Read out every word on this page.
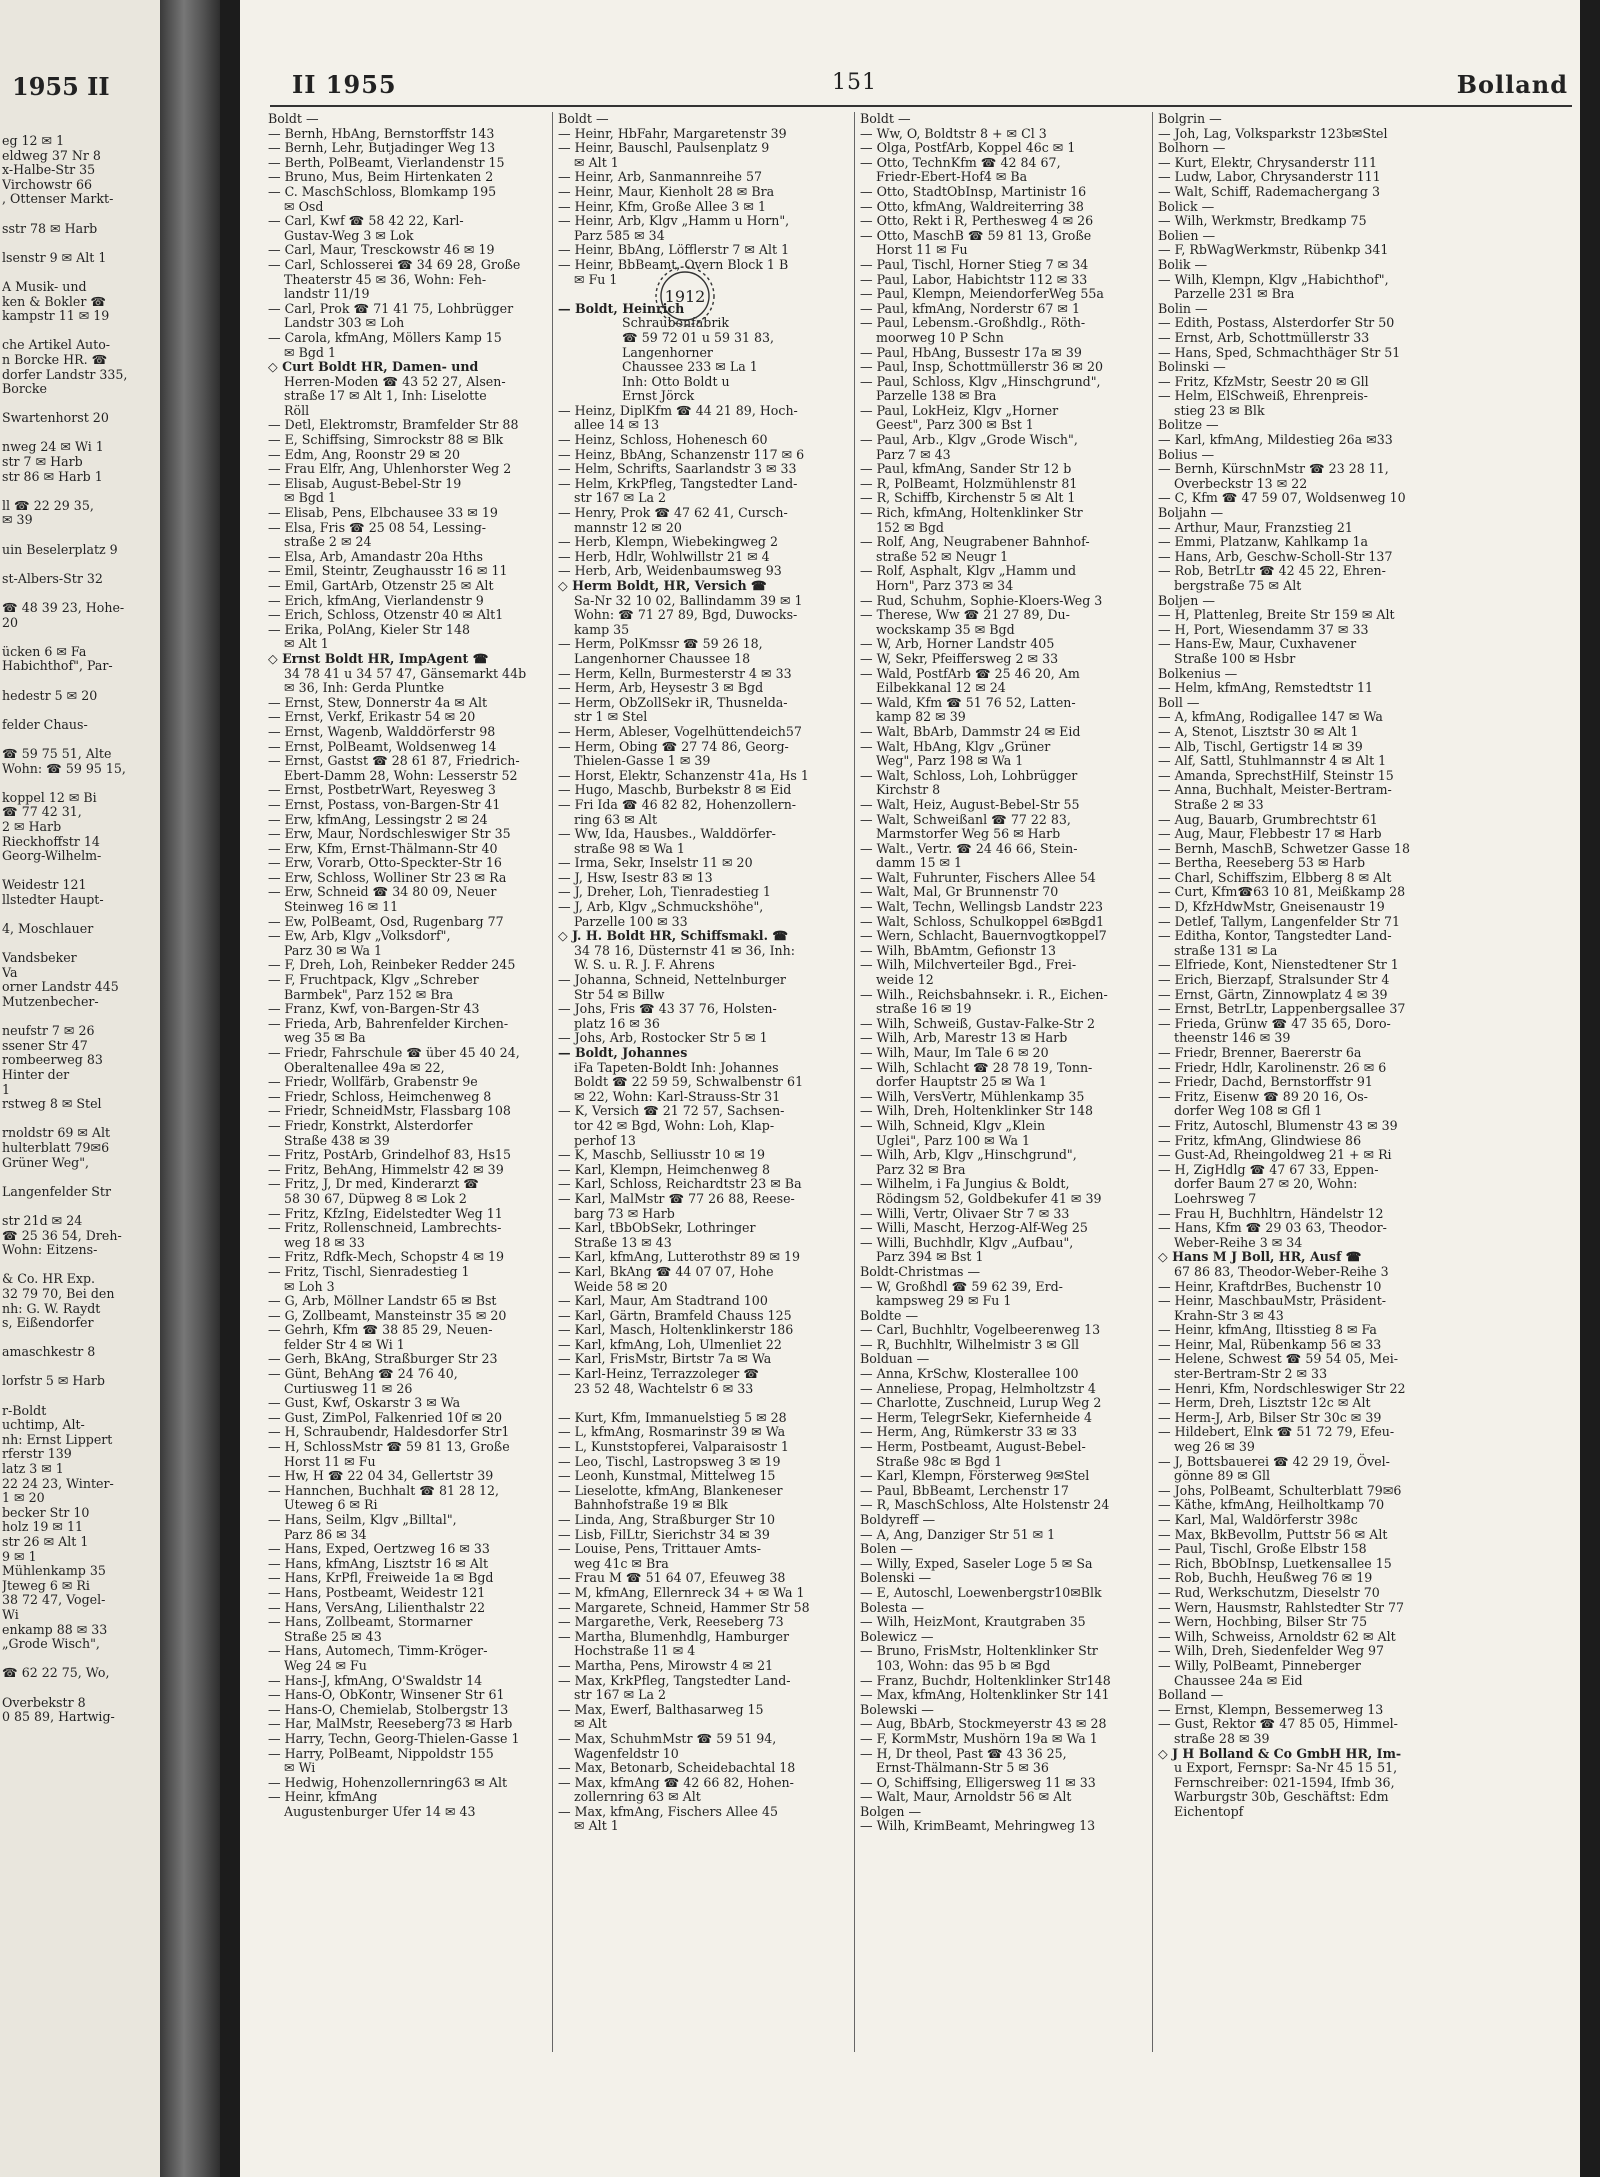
1955 II
eg 12 ✉ 1
eldweg 37 Nr 8
x-Halbe-Str 35
Virchowstr 66
, Ottenser Markt-

sstr 78 ✉ Harb

lsenstr 9 ✉ Alt 1

A Musik- und
ken & Bokler ☎
kampstr 11 ✉ 19

che Artikel Auto-
n Borcke HR. ☎
dorfer Landstr 335,
Borcke

Swartenhorst 20

nweg 24 ✉ Wi 1
str 7 ✉ Harb
str 86 ✉ Harb 1

ll ☎ 22 29 35,
✉ 39

uin Beselerplatz 9

st-Albers-Str 32

☎ 48 39 23, Hohe-
20

ücken 6 ✉ Fa
Habichthof", Par-

hedestr 5 ✉ 20

felder Chaus-

☎ 59 75 51, Alte
Wohn: ☎ 59 95 15,

koppel 12 ✉ Bi
☎ 77 42 31,
2 ✉ Harb
Rieckhoffstr 14
Georg-Wilhelm-

Weidestr 121
llstedter Haupt-

4, Moschlauer

Vandsbeker
Va
orner Landstr 445
Mutzenbecher-

neufstr 7 ✉ 26
ssener Str 47
rombeerweg 83
Hinter der
1
rstweg 8 ✉ Stel

rnoldstr 69 ✉ Alt
hulterblatt 79✉6
Grüner Weg",

Langenfelder Str

str 21d ✉ 24
☎ 25 36 54, Dreh-
Wohn: Eitzens-

& Co. HR Exp.
32 79 70, Bei den
nh: G. W. Raydt
s, Eißendorfer

amaschkestr 8

lorfstr 5 ✉ Harb

r-Boldt
uchtimp, Alt-
nh: Ernst Lippert
rferstr 139
latz 3 ✉ 1
22 24 23, Winter-
1 ✉ 20
becker Str 10
holz 19 ✉ 11
str 26 ✉ Alt 1
9 ✉ 1
Mühlenkamp 35
Jteweg 6 ✉ Ri
38 72 47, Vogel-
Wi
enkamp 88 ✉ 33
„Grode Wisch",

☎ 62 22 75, Wo,

Overbekstr 8
0 85 89, Hartwig-
II 1955	151	Bolland
Boldt —
— Bernh, HbAng, Bernstorffstr 143
— Bernh, Lehr, Butjadinger Weg 13
— Berth, PolBeamt, Vierlandenstr 15
— Bruno, Mus, Beim Hirtenkaten 2
— C. MaschSchloss, Blomkamp 195
✉ Osd
— Carl, Kwf ☎ 58 42 22, Karl-
Gustav-Weg 3 ✉ Lok
— Carl, Maur, Tresckowstr 46 ✉ 19
— Carl, Schlosserei ☎ 34 69 28, Große
Theaterstr 45 ✉ 36, Wohn: Feh-
landstr 11/19
— Carl, Prok ☎ 71 41 75, Lohbrügger
Landstr 303 ✉ Loh
— Carola, kfmAng, Möllers Kamp 15
✉ Bgd 1
◇ Curt Boldt HR, Damen- und
Herren-Moden ☎ 43 52 27, Alsen-
straße 17 ✉ Alt 1, Inh: Liselotte
Röll
— Detl, Elektromstr, Bramfelder Str 88
— E, Schiffsing, Simrockstr 88 ✉ Blk
— Edm, Ang, Roonstr 29 ✉ 20
— Frau Elfr, Ang, Uhlenhorster Weg 2
— Elisab, August-Bebel-Str 19
✉ Bgd 1
— Elisab, Pens, Elbchausee 33 ✉ 19
— Elsa, Fris ☎ 25 08 54, Lessing-
straße 2 ✉ 24
— Elsa, Arb, Amandastr 20a Hths
— Emil, Steintr, Zeughausstr 16 ✉ 11
— Emil, GartArb, Otzenstr 25 ✉ Alt
— Erich, kfmAng, Vierlandenstr 9
— Erich, Schloss, Otzenstr 40 ✉ Alt1
— Erika, PolAng, Kieler Str 148
✉ Alt 1
◇ Ernst Boldt HR, ImpAgent ☎
34 78 41 u 34 57 47, Gänsemarkt 44b
✉ 36, Inh: Gerda Pluntke
— Ernst, Stew, Donnerstr 4a ✉ Alt
— Ernst, Verkf, Erikastr 54 ✉ 20
— Ernst, Wagenb, Walddörferstr 98
— Ernst, PolBeamt, Woldsenweg 14
— Ernst, Gastst ☎ 28 61 87, Friedrich-
Ebert-Damm 28, Wohn: Lesserstr 52
— Ernst, PostbetrWart, Reyesweg 3
— Ernst, Postass, von-Bargen-Str 41
— Erw, kfmAng, Lessingstr 2 ✉ 24
— Erw, Maur, Nordschleswiger Str 35
— Erw, Kfm, Ernst-Thälmann-Str 40
— Erw, Vorarb, Otto-Speckter-Str 16
— Erw, Schloss, Wolliner Str 23 ✉ Ra
— Erw, Schneid ☎ 34 80 09, Neuer
Steinweg 16 ✉ 11
— Ew, PolBeamt, Osd, Rugenbarg 77
— Ew, Arb, Klgv „Volksdorf",
Parz 30 ✉ Wa 1
— F, Dreh, Loh, Reinbeker Redder 245
— F, Fruchtpack, Klgv „Schreber
Barmbek", Parz 152 ✉ Bra
— Franz, Kwf, von-Bargen-Str 43
— Frieda, Arb, Bahrenfelder Kirchen-
weg 35 ✉ Ba
— Friedr, Fahrschule ☎ über 45 40 24,
Oberaltenallee 49a ✉ 22,
— Friedr, Wollfärb, Grabenstr 9e
— Friedr, Schloss, Heimchenweg 8
— Friedr, SchneidMstr, Flassbarg 108
— Friedr, Konstrkt, Alsterdorfer
Straße 438 ✉ 39
— Fritz, PostArb, Grindelhof 83, Hs15
— Fritz, BehAng, Himmelstr 42 ✉ 39
— Fritz, J, Dr med, Kinderarzt ☎
58 30 67, Düpweg 8 ✉ Lok 2
— Fritz, KfzIng, Eidelstedter Weg 11
— Fritz, Rollenschneid, Lambrechts-
weg 18 ✉ 33
— Fritz, Rdfk-Mech, Schopstr 4 ✉ 19
— Fritz, Tischl, Sienradestieg 1
✉ Loh 3
— G, Arb, Möllner Landstr 65 ✉ Bst
— G, Zollbeamt, Mansteinstr 35 ✉ 20
— Gehrh, Kfm ☎ 38 85 29, Neuen-
felder Str 4 ✉ Wi 1
— Gerh, BkAng, Straßburger Str 23
— Günt, BehAng ☎ 24 76 40,
Curtiusweg 11 ✉ 26
— Gust, Kwf, Oskarstr 3 ✉ Wa
— Gust, ZimPol, Falkenried 10f ✉ 20
— H, Schraubendr, Haldesdorfer Str1
— H, SchlossMstr ☎ 59 81 13, Große
Horst 11 ✉ Fu
— Hw, H ☎ 22 04 34, Gellertstr 39
— Hannchen, Buchhalt ☎ 81 28 12,
Uteweg 6 ✉ Ri
— Hans, Seilm, Klgv „Billtal",
Parz 86 ✉ 34
— Hans, Exped, Oertzweg 16 ✉ 33
— Hans, kfmAng, Lisztstr 16 ✉ Alt
— Hans, KrPfl, Freiweide 1a ✉ Bgd
— Hans, Postbeamt, Weidestr 121
— Hans, VersAng, Lilienthalstr 22
— Hans, Zollbeamt, Stormarner
Straße 25 ✉ 43
— Hans, Automech, Timm-Kröger-
Weg 24 ✉ Fu
— Hans-J, kfmAng, O'Swaldstr 14
— Hans-O, ObKontr, Winsener Str 61
— Hans-O, Chemielab, Stolbergstr 13
— Har, MalMstr, Reeseberg73 ✉ Harb
— Harry, Techn, Georg-Thielen-Gasse 1
— Harry, PolBeamt, Nippoldstr 155
✉ Wi
— Hedwig, Hohenzollernring63 ✉ Alt
— Heinr, kfmAng
Augustenburger Ufer 14 ✉ 43
Boldt —
— Heinr, HbFahr, Margaretenstr 39
— Heinr, Bauschl, Paulsenplatz 9
✉ Alt 1
— Heinr, Arb, Sanmannreihe 57
— Heinr, Maur, Kienholt 28 ✉ Bra
— Heinr, Kfm, Große Allee 3 ✉ 1
— Heinr, Arb, Klgv „Hamm u Horn",
Parz 585 ✉ 34
— Heinr, BbAng, Löfflerstr 7 ✉ Alt 1
— Heinr, BbBeamt, Overn Block 1 B
✉ Fu 1

— Boldt, Heinrich
Schraubenfabrik
☎ 59 72 01 u 59 31 83,
Langenhorner
Chaussee 233 ✉ La 1
Inh: Otto Boldt u
Ernst Jörck
— Heinz, DiplKfm ☎ 44 21 89, Hoch-
allee 14 ✉ 13
— Heinz, Schloss, Hohenesch 60
— Heinz, BbAng, Schanzenstr 117 ✉ 6
— Helm, Schrifts, Saarlandstr 3 ✉ 33
— Helm, KrkPfleg, Tangstedter Land-
str 167 ✉ La 2
— Henry, Prok ☎ 47 62 41, Cursch-
mannstr 12 ✉ 20
— Herb, Klempn, Wiebekingweg 2
— Herb, Hdlr, Wohlwillstr 21 ✉ 4
— Herb, Arb, Weidenbaumsweg 93
◇ Herm Boldt, HR, Versich ☎
Sa-Nr 32 10 02, Ballindamm 39 ✉ 1
Wohn: ☎ 71 27 89, Bgd, Duwocks-
kamp 35
— Herm, PolKmssr ☎ 59 26 18,
Langenhorner Chaussee 18
— Herm, Kelln, Burmesterstr 4 ✉ 33
— Herm, Arb, Heysestr 3 ✉ Bgd
— Herm, ObZollSekr iR, Thusnelda-
str 1 ✉ Stel
— Herm, Ableser, Vogelhüttendeich57
— Herm, Obing ☎ 27 74 86, Georg-
Thielen-Gasse 1 ✉ 39
— Horst, Elektr, Schanzenstr 41a, Hs 1
— Hugo, Maschb, Burbekstr 8 ✉ Eid
— Fri Ida ☎ 46 82 82, Hohenzollern-
ring 63 ✉ Alt
— Ww, Ida, Hausbes., Walddörfer-
straße 98 ✉ Wa 1
— Irma, Sekr, Inselstr 11 ✉ 20
— J, Hsw, Isestr 83 ✉ 13
— J, Dreher, Loh, Tienradestieg 1
— J, Arb, Klgv „Schmuckshöhe",
Parzelle 100 ✉ 33
◇ J. H. Boldt HR, Schiffsmakl. ☎
34 78 16, Düsternstr 41 ✉ 36, Inh:
W. S. u. R. J. F. Ahrens
— Johanna, Schneid, Nettelnburger
Str 54 ✉ Billw
— Johs, Fris ☎ 43 37 76, Holsten-
platz 16 ✉ 36
— Johs, Arb, Rostocker Str 5 ✉ 1
— Boldt, Johannes
iFa Tapeten-Boldt Inh: Johannes
Boldt ☎ 22 59 59, Schwalbenstr 61
✉ 22, Wohn: Karl-Strauss-Str 31
— K, Versich ☎ 21 72 57, Sachsen-
tor 42 ✉ Bgd, Wohn: Loh, Klap-
perhof 13
— K, Maschb, Selliusstr 10 ✉ 19
— Karl, Klempn, Heimchenweg 8
— Karl, Schloss, Reichardtstr 23 ✉ Ba
— Karl, MalMstr ☎ 77 26 88, Reese-
barg 73 ✉ Harb
— Karl, tBbObSekr, Lothringer
Straße 13 ✉ 43
— Karl, kfmAng, Lutterothstr 89 ✉ 19
— Karl, BkAng ☎ 44 07 07, Hohe
Weide 58 ✉ 20
— Karl, Maur, Am Stadtrand 100
— Karl, Gärtn, Bramfeld Chauss 125
— Karl, Masch, Holtenklinkerstr 186
— Karl, kfmAng, Loh, Ulmenliet 22
— Karl, FrisMstr, Birtstr 7a ✉ Wa
— Karl-Heinz, Terrazzoleger ☎
23 52 48, Wachtelstr 6 ✉ 33

— Kurt, Kfm, Immanuelstieg 5 ✉ 28
— L, kfmAng, Rosmarinstr 39 ✉ Wa
— L, Kunststopferei, Valparaisostr 1
— Leo, Tischl, Lastropsweg 3 ✉ 19
— Leonh, Kunstmal, Mittelweg 15
— Lieselotte, kfmAng, Blankeneser
Bahnhofstraße 19 ✉ Blk
— Linda, Ang, Straßburger Str 10
— Lisb, FilLtr, Sierichstr 34 ✉ 39
— Louise, Pens, Trittauer Amts-
weg 41c ✉ Bra
— Frau M ☎ 51 64 07, Efeuweg 38
— M, kfmAng, Ellernreck 34 + ✉ Wa 1
— Margarete, Schneid, Hammer Str 58
— Margarethe, Verk, Reeseberg 73
— Martha, Blumenhdlg, Hamburger
Hochstraße 11 ✉ 4
— Martha, Pens, Mirowstr 4 ✉ 21
— Max, KrkPfleg, Tangstedter Land-
str 167 ✉ La 2
— Max, Ewerf, Balthasarweg 15
✉ Alt
— Max, SchuhmMstr ☎ 59 51 94,
Wagenfeldstr 10
— Max, Betonarb, Scheidebachtal 18
— Max, kfmAng ☎ 42 66 82, Hohen-
zollernring 63 ✉ Alt
— Max, kfmAng, Fischers Allee 45
✉ Alt 1
Boldt —
— Ww, O, Boldtstr 8 + ✉ Cl 3
— Olga, PostfArb, Koppel 46c ✉ 1
— Otto, TechnKfm ☎ 42 84 67,
Friedr-Ebert-Hof4 ✉ Ba
— Otto, StadtObInsp, Martinistr 16
— Otto, kfmAng, Waldreiterring 38
— Otto, Rekt i R, Perthesweg 4 ✉ 26
— Otto, MaschB ☎ 59 81 13, Große
Horst 11 ✉ Fu
— Paul, Tischl, Horner Stieg 7 ✉ 34
— Paul, Labor, Habichtstr 112 ✉ 33
— Paul, Klempn, MeiendorferWeg 55a
— Paul, kfmAng, Norderstr 67 ✉ 1
— Paul, Lebensm.-Großhdlg., Röth-
moorweg 10 P Schn
— Paul, HbAng, Bussestr 17a ✉ 39
— Paul, Insp, Schottmüllerstr 36 ✉ 20
— Paul, Schloss, Klgv „Hinschgrund",
Parzelle 138 ✉ Bra
— Paul, LokHeiz, Klgv „Horner
Geest", Parz 300 ✉ Bst 1
— Paul, Arb., Klgv „Grode Wisch",
Parz 7 ✉ 43
— Paul, kfmAng, Sander Str 12 b
— R, PolBeamt, Holzmühlenstr 81
— R, Schiffb, Kirchenstr 5 ✉ Alt 1
— Rich, kfmAng, Holtenklinker Str
152 ✉ Bgd
— Rolf, Ang, Neugrabener Bahnhof-
straße 52 ✉ Neugr 1
— Rolf, Asphalt, Klgv „Hamm und
Horn", Parz 373 ✉ 34
— Rud, Schuhm, Sophie-Kloers-Weg 3
— Therese, Ww ☎ 21 27 89, Du-
wockskamp 35 ✉ Bgd
— W, Arb, Horner Landstr 405
— W, Sekr, Pfeiffersweg 2 ✉ 33
— Wald, PostfArb ☎ 25 46 20, Am
Eilbekkanal 12 ✉ 24
— Wald, Kfm ☎ 51 76 52, Latten-
kamp 82 ✉ 39
— Walt, BbArb, Dammstr 24 ✉ Eid
— Walt, HbAng, Klgv „Grüner
Weg", Parz 198 ✉ Wa 1
— Walt, Schloss, Loh, Lohbrügger
Kirchstr 8
— Walt, Heiz, August-Bebel-Str 55
— Walt, Schweißanl ☎ 77 22 83,
Marmstorfer Weg 56 ✉ Harb
— Walt., Vertr. ☎ 24 46 66, Stein-
damm 15 ✉ 1
— Walt, Fuhrunter, Fischers Allee 54
— Walt, Mal, Gr Brunnenstr 70
— Walt, Techn, Wellingsb Landstr 223
— Walt, Schloss, Schulkoppel 6✉Bgd1
— Wern, Schlacht, Bauernvogtkoppel7
— Wilh, BbAmtm, Gefionstr 13
— Wilh, Milchverteiler Bgd., Frei-
weide 12
— Wilh., Reichsbahnsekr. i. R., Eichen-
straße 16 ✉ 19
— Wilh, Schweiß, Gustav-Falke-Str 2
— Wilh, Arb, Marestr 13 ✉ Harb
— Wilh, Maur, Im Tale 6 ✉ 20
— Wilh, Schlacht ☎ 28 78 19, Tonn-
dorfer Hauptstr 25 ✉ Wa 1
— Wilh, VersVertr, Mühlenkamp 35
— Wilh, Dreh, Holtenklinker Str 148
— Wilh, Schneid, Klgv „Klein
Uglei", Parz 100 ✉ Wa 1
— Wilh, Arb, Klgv „Hinschgrund",
Parz 32 ✉ Bra
— Wilhelm, i Fa Jungius & Boldt,
Rödingsm 52, Goldbekufer 41 ✉ 39
— Willi, Vertr, Olivaer Str 7 ✉ 33
— Willi, Mascht, Herzog-Alf-Weg 25
— Willi, Buchhdlr, Klgv „Aufbau",
Parz 394 ✉ Bst 1
Boldt-Christmas —
— W, Großhdl ☎ 59 62 39, Erd-
kampsweg 29 ✉ Fu 1
Boldte —
— Carl, Buchhltr, Vogelbeerenweg 13
— R, Buchhltr, Wilhelmistr 3 ✉ Gll
Bolduan —
— Anna, KrSchw, Klosterallee 100
— Anneliese, Propag, Helmholtzstr 4
— Charlotte, Zuschneid, Lurup Weg 2
— Herm, TelegrSekr, Kiefernheide 4
— Herm, Ang, Rümkerstr 33 ✉ 33
— Herm, Postbeamt, August-Bebel-
Straße 98c ✉ Bgd 1
— Karl, Klempn, Försterweg 9✉Stel
— Paul, BbBeamt, Lerchenstr 17
— R, MaschSchloss, Alte Holstenstr 24
Boldyreff —
— A, Ang, Danziger Str 51 ✉ 1
Bolen —
— Willy, Exped, Saseler Loge 5 ✉ Sa
Bolenski —
— E, Autoschl, Loewenbergstr10✉Blk
Bolesta —
— Wilh, HeizMont, Krautgraben 35
Bolewicz —
— Bruno, FrisMstr, Holtenklinker Str
103, Wohn: das 95 b ✉ Bgd
— Franz, Buchdr, Holtenklinker Str148
— Max, kfmAng, Holtenklinker Str 141
Bolewski —
— Aug, BbArb, Stockmeyerstr 43 ✉ 28
— F, KormMstr, Mushörn 19a ✉ Wa 1
— H, Dr theol, Past ☎ 43 36 25,
Ernst-Thälmann-Str 5 ✉ 36
— O, Schiffsing, Elligersweg 11 ✉ 33
— Walt, Maur, Arnoldstr 56 ✉ Alt
Bolgen —
— Wilh, KrimBeamt, Mehringweg 13
Bolgrin —
— Joh, Lag, Volksparkstr 123b✉Stel
Bolhorn —
— Kurt, Elektr, Chrysanderstr 111
— Ludw, Labor, Chrysanderstr 111
— Walt, Schiff, Rademachergang 3
Bolick —
— Wilh, Werkmstr, Bredkamp 75
Bolien —
— F, RbWagWerkmstr, Rübenkp 341
Bolik —
— Wilh, Klempn, Klgv „Habichthof",
Parzelle 231 ✉ Bra
Bolin —
— Edith, Postass, Alsterdorfer Str 50
— Ernst, Arb, Schottmüllerstr 33
— Hans, Sped, Schmachthäger Str 51
Bolinski —
— Fritz, KfzMstr, Seestr 20 ✉ Gll
— Helm, ElSchweiß, Ehrenpreis-
stieg 23 ✉ Blk
Bolitze —
— Karl, kfmAng, Mildestieg 26a ✉33
Bolius —
— Bernh, KürschnMstr ☎ 23 28 11,
Overbeckstr 13 ✉ 22
— C, Kfm ☎ 47 59 07, Woldsenweg 10
Boljahn —
— Arthur, Maur, Franzstieg 21
— Emmi, Platzanw, Kahlkamp 1a
— Hans, Arb, Geschw-Scholl-Str 137
— Rob, BetrLtr ☎ 42 45 22, Ehren-
bergstraße 75 ✉ Alt
Boljen —
— H, Plattenleg, Breite Str 159 ✉ Alt
— H, Port, Wiesendamm 37 ✉ 33
— Hans-Ew, Maur, Cuxhavener
Straße 100 ✉ Hsbr
Bolkenius —
— Helm, kfmAng, Remstedtstr 11
Boll —
— A, kfmAng, Rodigallee 147 ✉ Wa
— A, Stenot, Lisztstr 30 ✉ Alt 1
— Alb, Tischl, Gertigstr 14 ✉ 39
— Alf, Sattl, Stuhlmannstr 4 ✉ Alt 1
— Amanda, SprechstHilf, Steinstr 15
— Anna, Buchhalt, Meister-Bertram-
Straße 2 ✉ 33
— Aug, Bauarb, Grumbrechtstr 61
— Aug, Maur, Flebbestr 17 ✉ Harb
— Bernh, MaschB, Schwetzer Gasse 18
— Bertha, Reeseberg 53 ✉ Harb
— Charl, Schiffszim, Elbberg 8 ✉ Alt
— Curt, Kfm☎63 10 81, Meißkamp 28
— D, KfzHdwMstr, Gneisenaustr 19
— Detlef, Tallym, Langenfelder Str 71
— Editha, Kontor, Tangstedter Land-
straße 131 ✉ La
— Elfriede, Kont, Nienstedtener Str 1
— Erich, Bierzapf, Stralsunder Str 4
— Ernst, Gärtn, Zinnowplatz 4 ✉ 39
— Ernst, BetrLtr, Lappenbergsallee 37
— Frieda, Grünw ☎ 47 35 65, Doro-
theenstr 146 ✉ 39
— Friedr, Brenner, Baererstr 6a
— Friedr, Hdlr, Karolinenstr. 26 ✉ 6
— Friedr, Dachd, Bernstorffstr 91
— Fritz, Eisenw ☎ 89 20 16, Os-
dorfer Weg 108 ✉ Gfl 1
— Fritz, Autoschl, Blumenstr 43 ✉ 39
— Fritz, kfmAng, Glindwiese 86
— Gust-Ad, Rheingoldweg 21 + ✉ Ri
— H, ZigHdlg ☎ 47 67 33, Eppen-
dorfer Baum 27 ✉ 20, Wohn:
Loehrsweg 7
— Frau H, Buchhltrn, Händelstr 12
— Hans, Kfm ☎ 29 03 63, Theodor-
Weber-Reihe 3 ✉ 34
◇ Hans M J Boll, HR, Ausf ☎
67 86 83, Theodor-Weber-Reihe 3
— Heinr, KraftdrBes, Buchenstr 10
— Heinr, MaschbauMstr, Präsident-
Krahn-Str 3 ✉ 43
— Heinr, kfmAng, Iltisstieg 8 ✉ Fa
— Heinr, Mal, Rübenkamp 56 ✉ 33
— Helene, Schwest ☎ 59 54 05, Mei-
ster-Bertram-Str 2 ✉ 33
— Henri, Kfm, Nordschleswiger Str 22
— Herm, Dreh, Lisztstr 12c ✉ Alt
— Herm-J, Arb, Bilser Str 30c ✉ 39
— Hildebert, Elnk ☎ 51 72 79, Efeu-
weg 26 ✉ 39
— J, Bottsbauerei ☎ 42 29 19, Övel-
gönne 89 ✉ Gll
— Johs, PolBeamt, Schulterblatt 79✉6
— Käthe, kfmAng, Heilholtkamp 70
— Karl, Mal, Waldörferstr 398c
— Max, BkBevollm, Puttstr 56 ✉ Alt
— Paul, Tischl, Große Elbstr 158
— Rich, BbObInsp, Luetkensallee 15
— Rob, Buchh, Heußweg 76 ✉ 19
— Rud, Werkschutzm, Dieselstr 70
— Wern, Hausmstr, Rahlstedter Str 77
— Wern, Hochbing, Bilser Str 75
— Wilh, Schweiss, Arnoldstr 62 ✉ Alt
— Wilh, Dreh, Siedenfelder Weg 97
— Willy, PolBeamt, Pinneberger
Chaussee 24a ✉ Eid
Bolland —
— Ernst, Klempn, Bessemerweg 13
— Gust, Rektor ☎ 47 85 05, Himmel-
straße 28 ✉ 39
◇ J H Bolland & Co GmbH HR, Im-
u Export, Fernspr: Sa-Nr 45 15 51,
Fernschreiber: 021-1594, Ifmb 36,
Warburgstr 30b, Geschäftst: Edm
Eichentopf
1912
